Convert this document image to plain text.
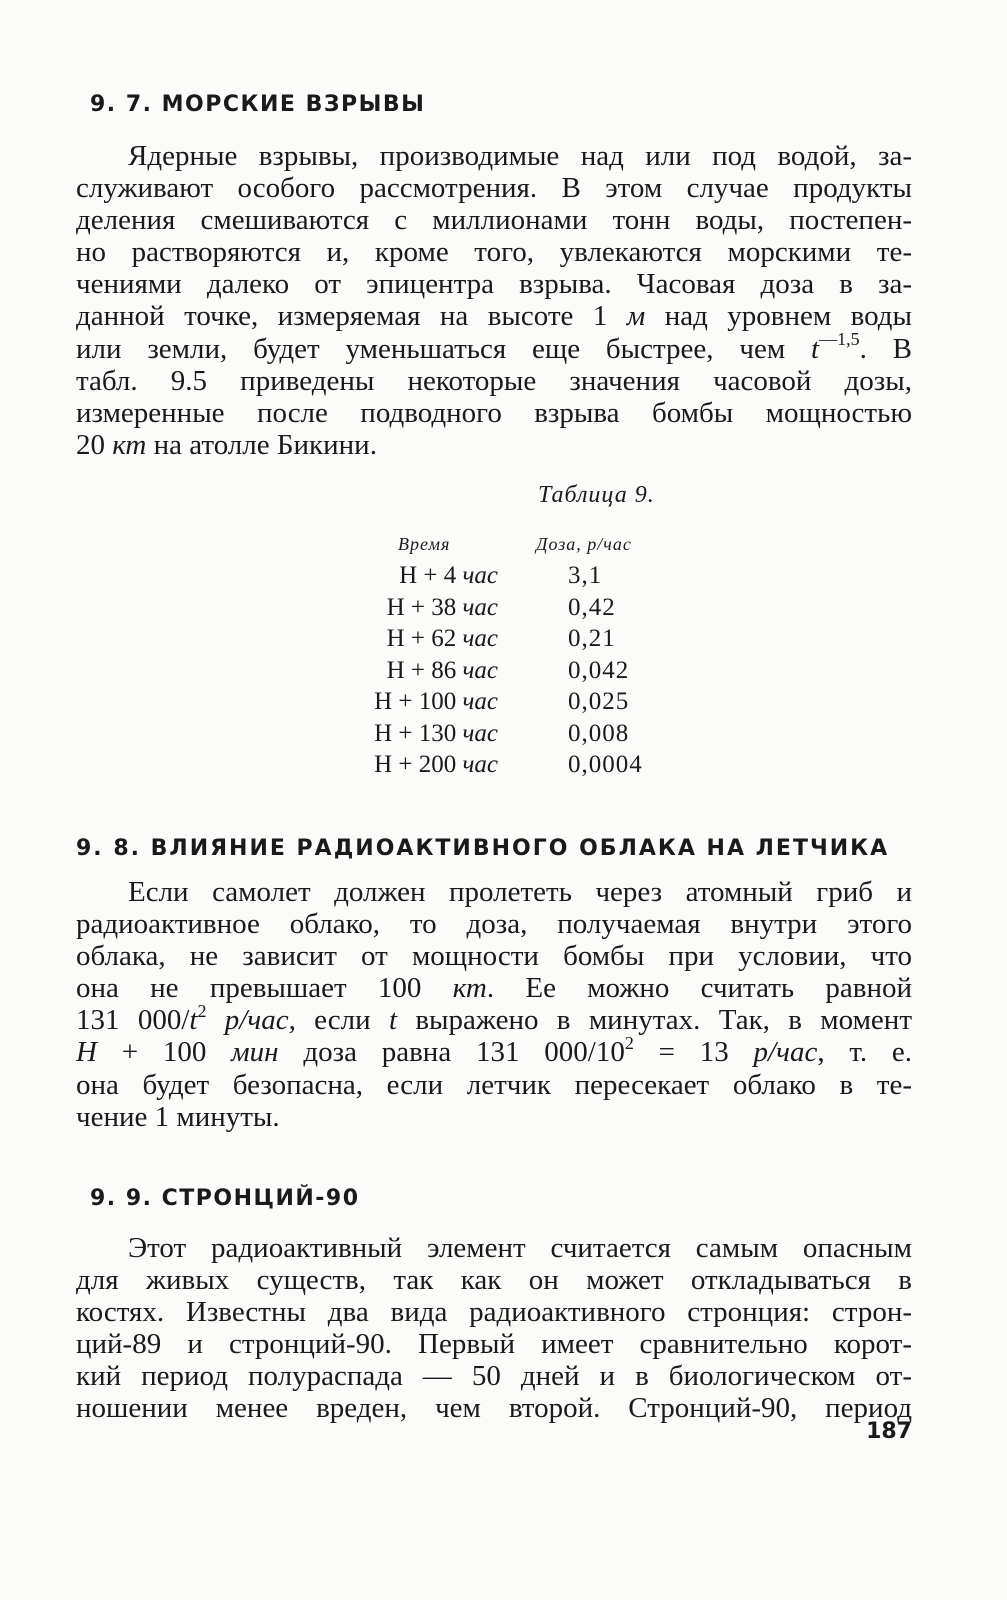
9. 7. МОРСКИЕ ВЗРЫВЫ
Ядерные взрывы, производимые над или под водой, за-
служивают особого рассмотрения. В этом случае продукты
деления смешиваются с миллионами тонн воды, постепен-
но растворяются и, кроме того, увлекаются морскими те-
чениями далеко от эпицентра взрыва. Часовая доза в за-
данной точке, измеряемая на высоте 1 м над уровнем воды
или земли, будет уменьшаться еще быстрее, чем $t^{—1,5}$. В
табл. 9.5 приведены некоторые значения часовой дозы,
измеренные после подводного взрыва бомбы мощностью
20 кт на атолле Бикини.
Таблица 9.
Время	Доза, р/час
Н + 4 час	3,1
Н + 38 час	0,42
Н + 62 час	0,21
Н + 86 час	0,042
Н + 100 час	0,025
Н + 130 час	0,008
Н + 200 час	0,0004
9. 8. ВЛИЯНИЕ РАДИОАКТИВНОГО ОБЛАКА НА ЛЕТЧИКА
Если самолет должен пролететь через атомный гриб и
радиоактивное облако, то доза, получаемая внутри этого
облака, не зависит от мощности бомбы при условии, что
она не превышает 100 кт. Ее можно считать равной
131 $000/t^2$ р/час, если t выражено в минутах. Так, в момент
Н + 100 мин доза равна 131 $000/10^2 = 13$ р/час, т. е.
она будет безопасна, если летчик пересекает облако в те-
чение 1 минуты.
9. 9. СТРОНЦИЙ-90
Этот радиоактивный элемент считается самым опасным
для живых существ, так как он может откладываться в
костях. Известны два вида радиоактивного стронция: строн-
ций-89 и стронций-90. Первый имеет сравнительно корот-
кий период полураспада — 50 дней и в биологическом от-
ношении менее вреден, чем второй. Стронций-90, период
187
